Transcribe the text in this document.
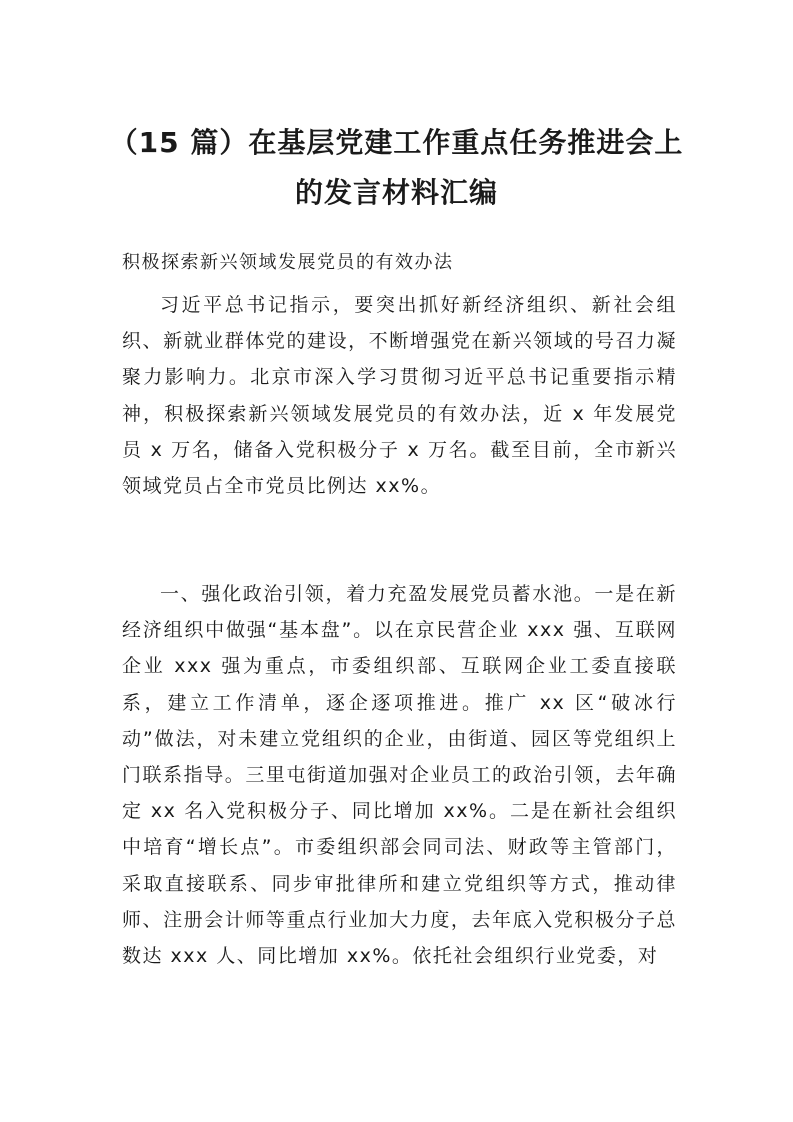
（15 篇）在基层党建工作重点任务推进会上的发言材料汇编

积极探索新兴领域发展党员的有效办法

习近平总书记指示，要突出抓好新经济组织、新社会组织、新就业群体党的建设，不断增强党在新兴领域的号召力凝聚力影响力。北京市深入学习贯彻习近平总书记重要指示精神，积极探索新兴领域发展党员的有效办法，近 x 年发展党员 x 万名，储备入党积极分子 x 万名。截至目前，全市新兴领域党员占全市党员比例达 xx%。

一、强化政治引领，着力充盈发展党员蓄水池。一是在新经济组织中做强“基本盘”。以在京民营企业 xxx 强、互联网企业 xxx 强为重点，市委组织部、互联网企业工委直接联系，建立工作清单，逐企逐项推进。推广 xx 区“破冰行动”做法，对未建立党组织的企业，由街道、园区等党组织上门联系指导。三里屯街道加强对企业员工的政治引领，去年确定 xx 名入党积极分子、同比增加 xx%。二是在新社会组织中培育“增长点”。市委组织部会同司法、财政等主管部门，采取直接联系、同步审批律所和建立党组织等方式，推动律师、注册会计师等重点行业加大力度，去年底入党积极分子总数达 xxx 人、同比增加 xx%。依托社会组织行业党委，对
